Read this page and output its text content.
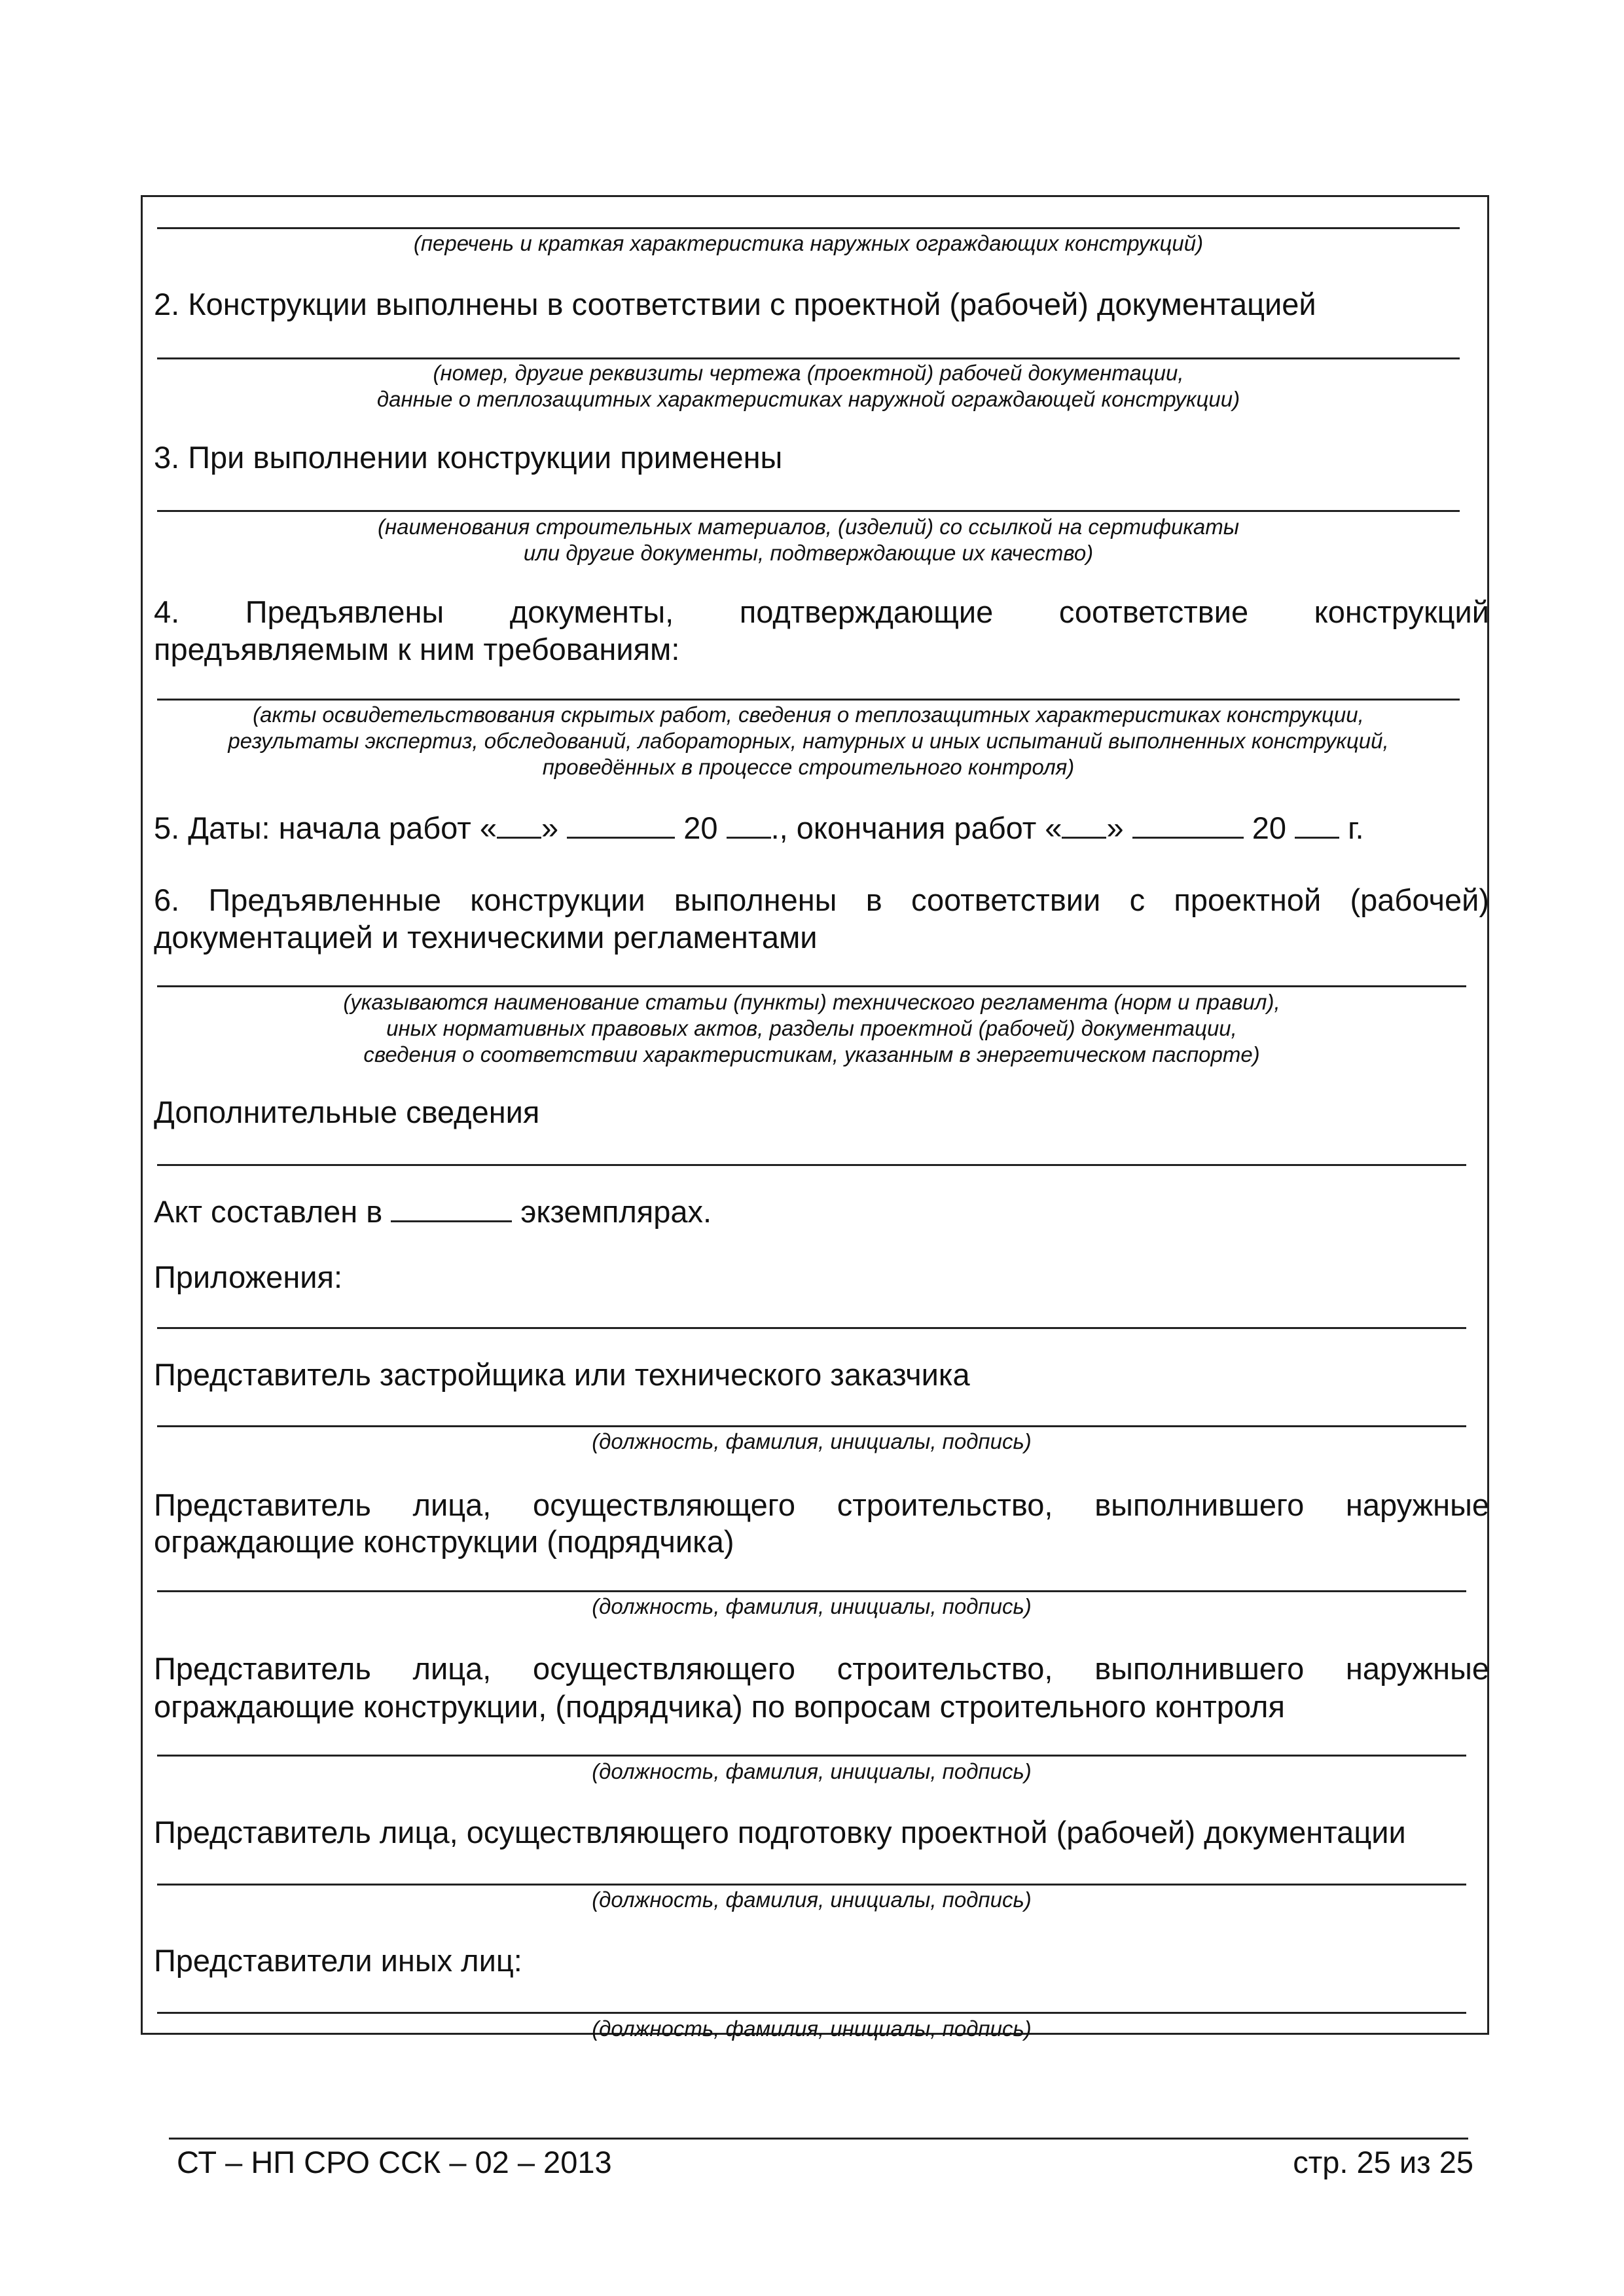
(перечень и краткая характеристика наружных ограждающих конструкций)
2. Конструкции выполнены в соответствии с проектной (рабочей) документацией
(номер, другие реквизиты чертежа (проектной) рабочей документации,
данные о теплозащитных характеристиках наружной ограждающей конструкции)
3. При выполнении конструкции применены
(наименования строительных материалов, (изделий) со ссылкой на сертификаты
или другие документы, подтверждающие их качество)
4. Предъявлены документы, подтверждающие соответствие конструкций
предъявляемым к ним требованиям:
(акты освидетельствования скрытых работ, сведения о теплозащитных характеристиках конструкции,
результаты экспертиз, обследований, лабораторных, натурных и иных испытаний выполненных конструкций,
проведённых в процессе строительного контроля)
5. Даты: начала работ « »	20 ., окончания работ « »	20 г.
6. Предъявленные конструкции выполнены в соответствии с проектной (рабочей)
документацией и техническими регламентами
(указываются наименование статьи (пункты) технического регламента (норм и правил),
иных нормативных правовых актов, разделы проектной (рабочей) документации,
сведения о соответствии характеристикам, указанным в энергетическом паспорте)
Дополнительные сведения
Акт составлен в	экземплярах.
Приложения:
Представитель застройщика или технического заказчика
(должность, фамилия, инициалы, подпись)
Представитель лица, осуществляющего строительство, выполнившего наружные
ограждающие конструкции (подрядчика)
(должность, фамилия, инициалы, подпись)
Представитель лица, осуществляющего строительство, выполнившего наружные
ограждающие конструкции, (подрядчика) по вопросам строительного контроля
(должность, фамилия, инициалы, подпись)
Представитель лица, осуществляющего подготовку проектной (рабочей) документации
(должность, фамилия, инициалы, подпись)
Представители иных лиц:
(должность, фамилия, инициалы, подпись)
СТ – НП СРО ССК – 02 – 2013	стр. 25 из 25
